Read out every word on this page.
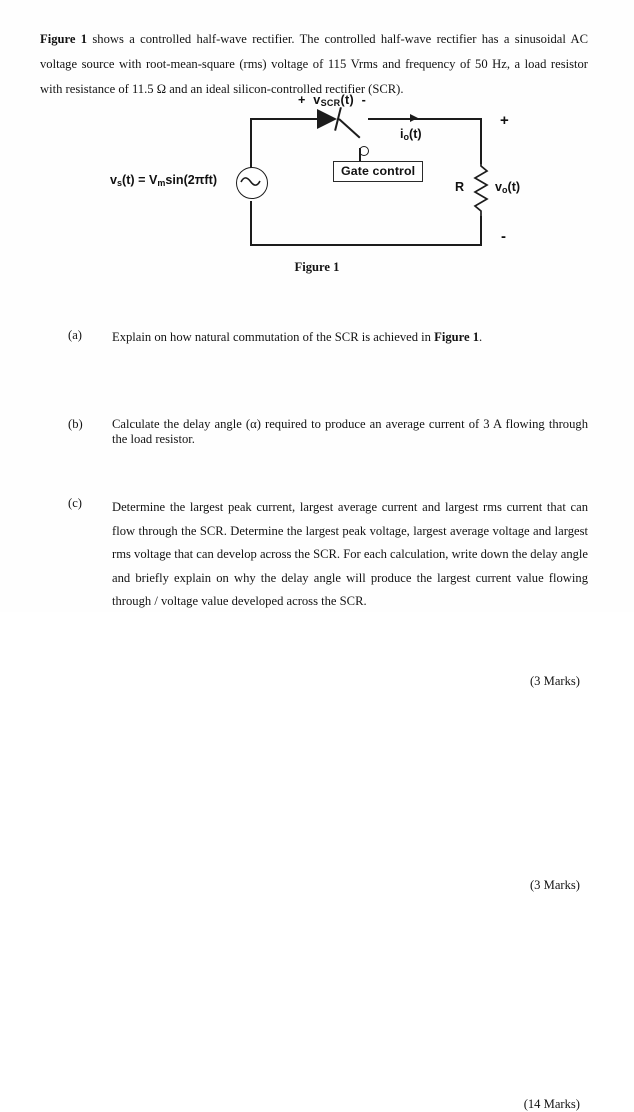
Figure 1 shows a controlled half-wave rectifier. The controlled half-wave rectifier has a sinusoidal AC voltage source with root-mean-square (rms) voltage of 115 Vrms and frequency of 50 Hz, a load resistor with resistance of 11.5 Ω and an ideal silicon-controlled rectifier (SCR).

Gate control
+ $v_{SCR}(t)$ -
$i_o(t)$
$v_s(t) = V_m\sin(2\pi ft)$	R $v_o(t)$
+
-
Figure 1
(a)	Explain on how natural commutation of the SCR is achieved in Figure 1.
(3 Marks)
(b)	Calculate the delay angle (α) required to produce an average current of 3 A flowing through the load resistor.
(3 Marks)
(c)	Determine the largest peak current, largest average current and largest rms current that can flow through the SCR. Determine the largest peak voltage, largest average voltage and largest rms voltage that can develop across the SCR. For each calculation, write down the delay angle and briefly explain on why the delay angle will produce the largest current value flowing through / voltage value developed across the SCR.
(14 Marks)
